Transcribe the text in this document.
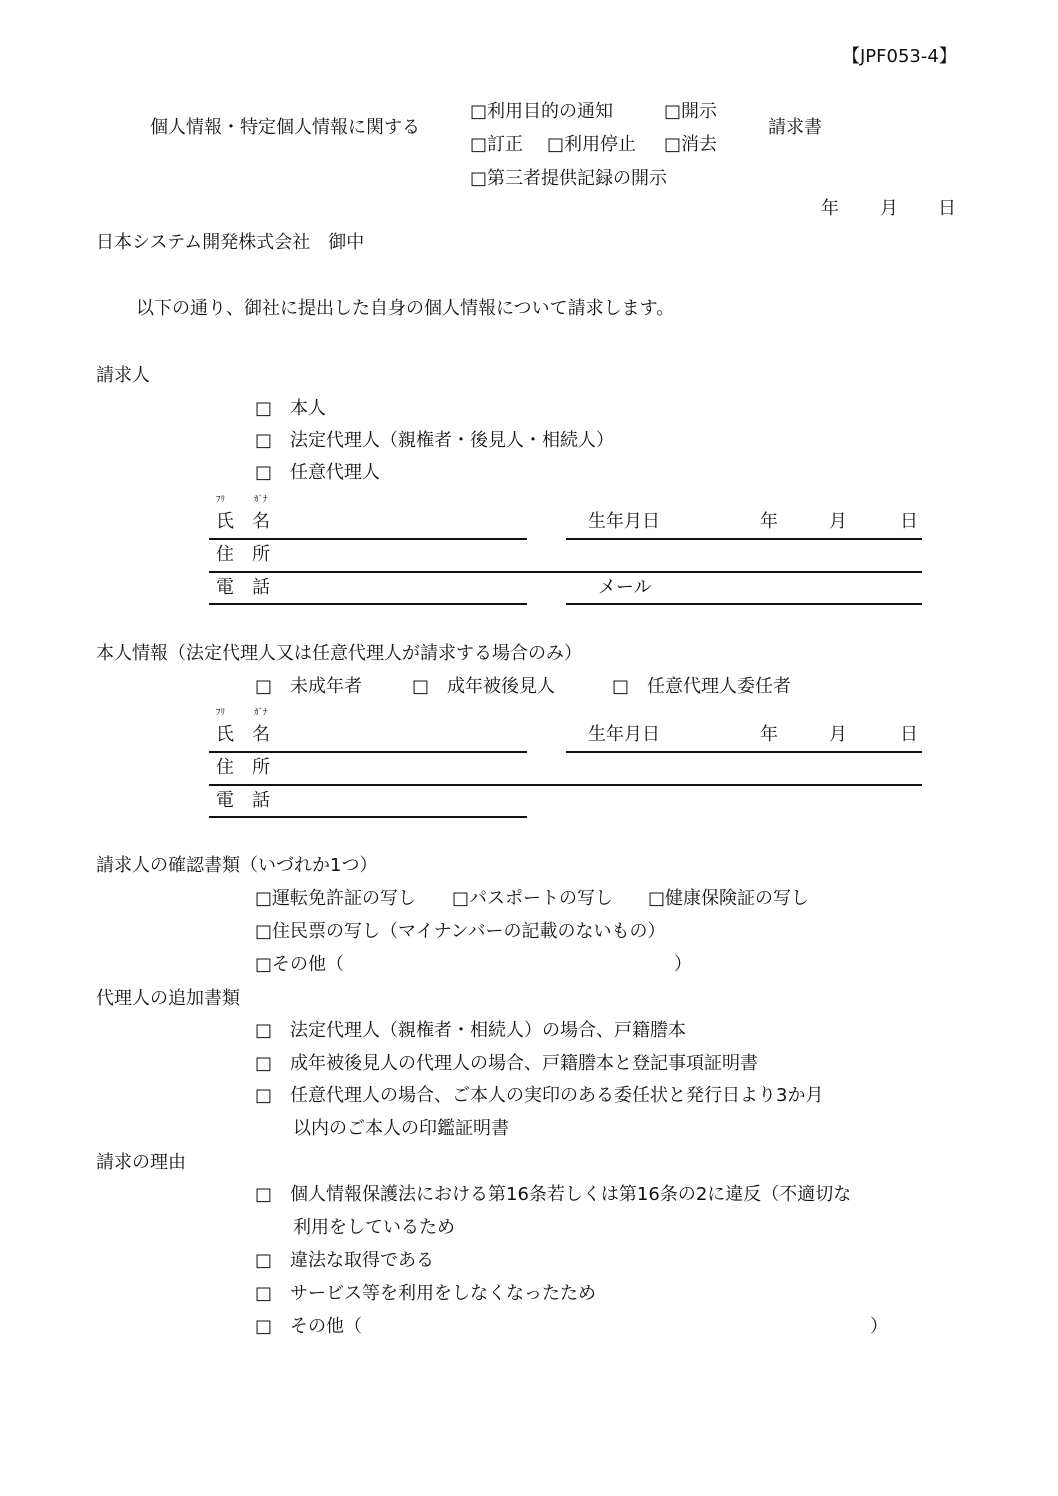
【JPF053-4】
個人情報・特定個人情報に関する
□利用目的の通知	□開示
□訂正 □利用停止 □消去
□第三者提供記録の開示
請求書
年 月 日
日本システム開発株式会社　御中
以下の通り、御社に提出した自身の個人情報について請求します。
請求人
□　本人
□　法定代理人（親権者・後見人・相続人）
□　任意代理人
ﾌﾘ	ｶﾞﾅ
氏　名	生年月日	年	月	日
住　所
電　話	メール
本人情報（法定代理人又は任意代理人が請求する場合のみ）
□　未成年者	□　成年被後見人	□　任意代理人委任者
ﾌﾘ	ｶﾞﾅ
氏　名	生年月日	年	月	日
住　所
電　話
請求人の確認書類（いづれか1つ）
□運転免許証の写し □パスポートの写し □健康保険証の写し
□住民票の写し（マイナンバーの記載のないもの）
□その他（	）
代理人の追加書類
□　法定代理人（親権者・相続人）の場合、戸籍謄本
□　成年被後見人の代理人の場合、戸籍謄本と登記事項証明書
□　任意代理人の場合、ご本人の実印のある委任状と発行日より3か月
以内のご本人の印鑑証明書
請求の理由
□　個人情報保護法における第16条若しくは第16条の2に違反（不適切な
利用をしているため
□　違法な取得である
□　サービス等を利用をしなくなったため
□　その他（	）
